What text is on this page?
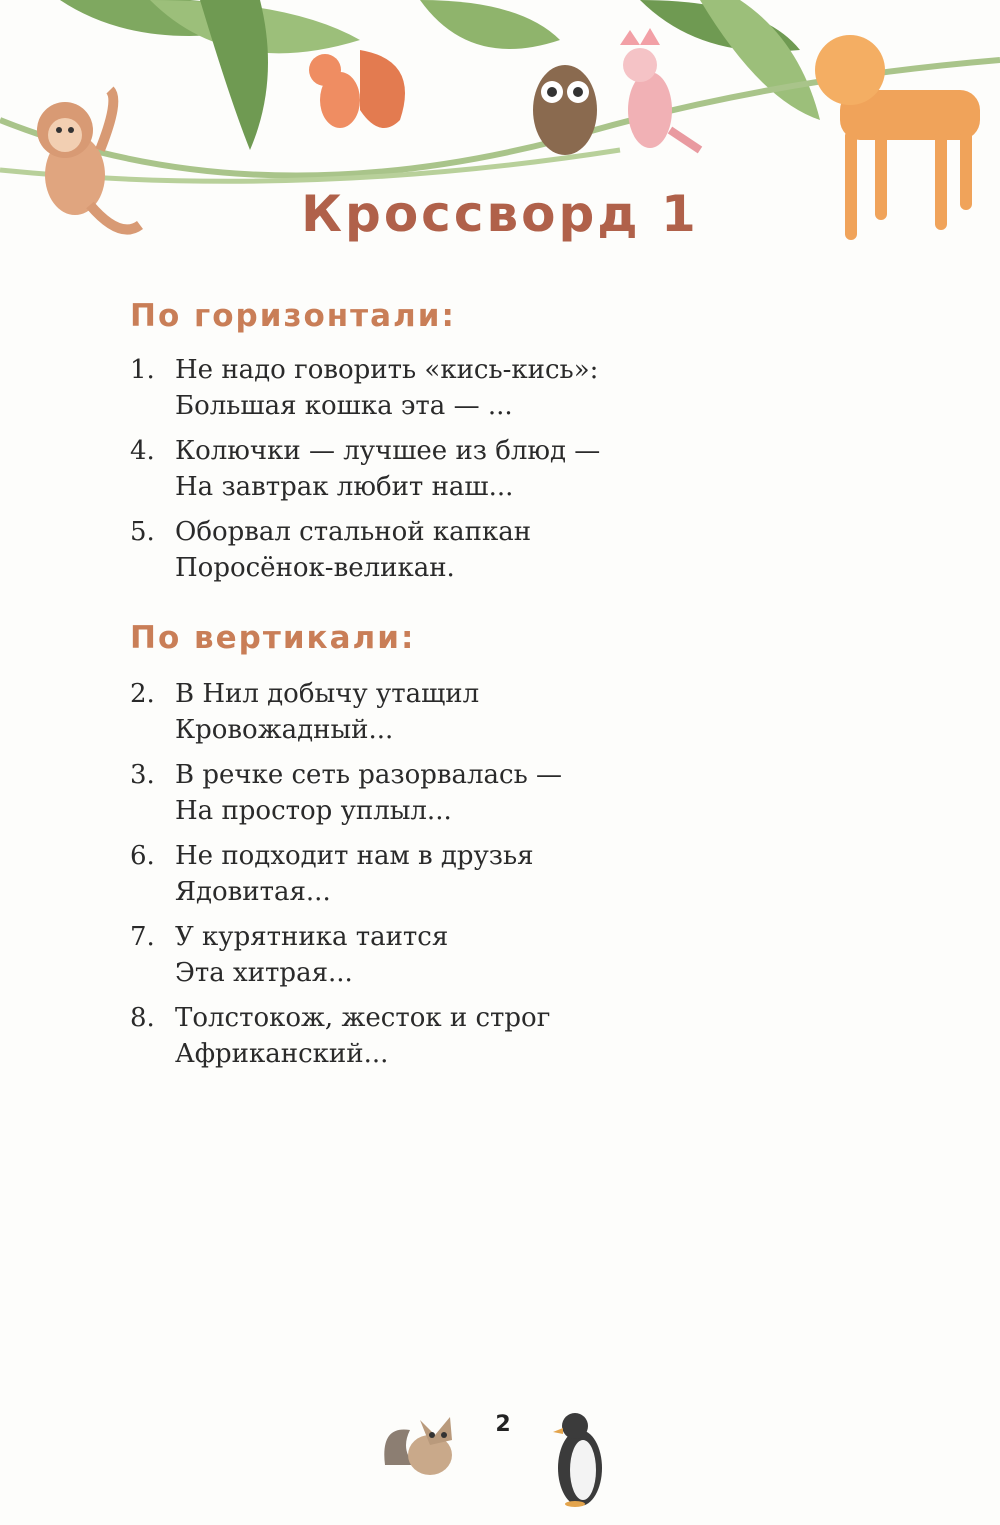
Кроссворд 1
По горизонтали:
1. Не надо говорить «кись-кись»:
Большая кошка эта — ...
4. Колючки — лучшее из блюд —
На завтрак любит наш...
5. Оборвал стальной капкан
Поросёнок-великан.
По вертикали:
2. В Нил добычу утащил
Кровожадный...
3. В речке сеть разорвалась —
На простор уплыл...
6. Не подходит нам в друзья
Ядовитая...
7. У курятника таится
Эта хитрая...
8. Толстокож, жесток и строг
Африканский...
2
